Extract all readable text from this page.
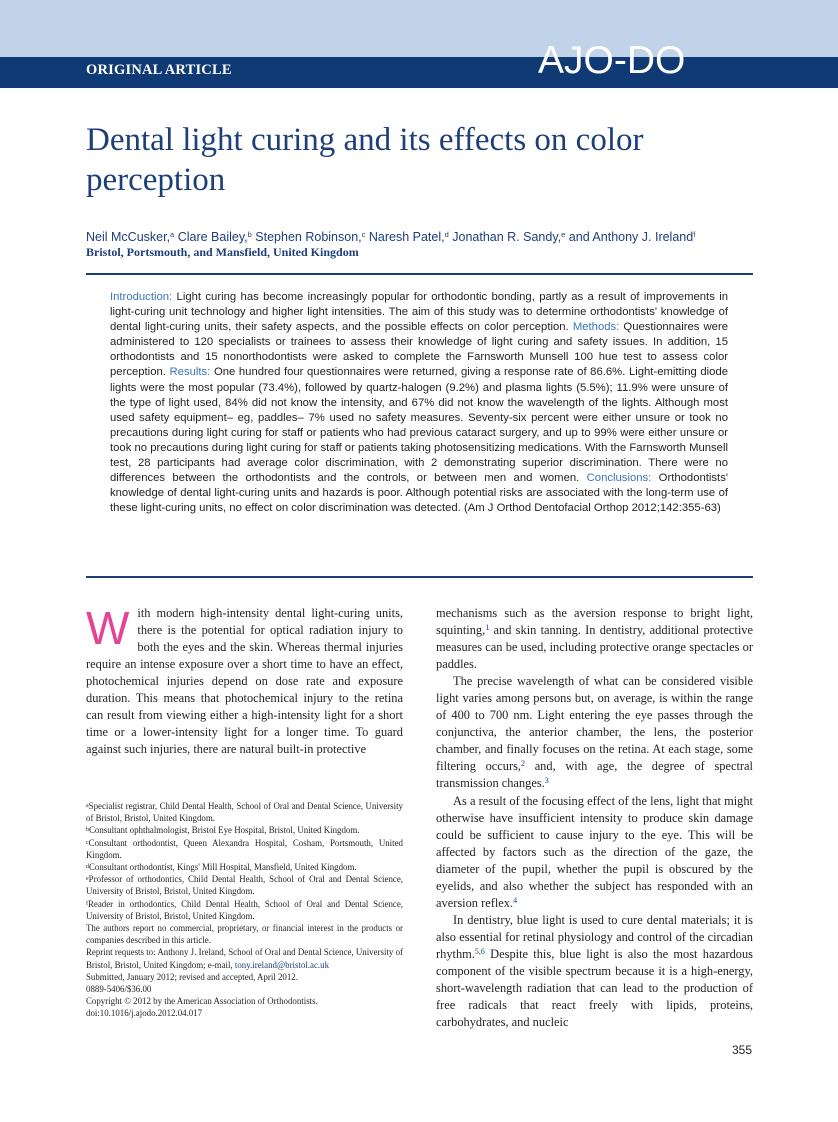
ORIGINAL ARTICLE	AJO-DO
Dental light curing and its effects on color perception
Neil McCusker,$^a$ Clare Bailey,$^b$ Stephen Robinson,$^c$ Naresh Patel,$^d$ Jonathan R. Sandy,$^e$ and Anthony J. Ireland$^f$
Bristol, Portsmouth, and Mansfield, United Kingdom

Introduction: Light curing has become increasingly popular for orthodontic bonding, partly as a result of improvements in light-curing unit technology and higher light intensities. The aim of this study was to determine orthodontists' knowledge of dental light-curing units, their safety aspects, and the possible effects on color perception. Methods: Questionnaires were administered to 120 specialists or trainees to assess their knowledge of light curing and safety issues. In addition, 15 orthodontists and 15 nonorthodontists were asked to complete the Farnsworth Munsell 100 hue test to assess color perception. Results: One hundred four questionnaires were returned, giving a response rate of 86.6%. Light-emitting diode lights were the most popular (73.4%), followed by quartz-halogen (9.2%) and plasma lights (5.5%); 11.9% were unsure of the type of light used, 84% did not know the intensity, and 67% did not know the wavelength of the lights. Although most used safety equipment– eg, paddles– 7% used no safety measures. Seventy-six percent were either unsure or took no precautions during light curing for staff or patients who had previous cataract surgery, and up to 99% were either unsure or took no precautions during light curing for staff or patients taking photosensitizing medications. With the Farnsworth Munsell test, 28 participants had average color discrimination, with 2 demonstrating superior discrimination. There were no differences between the orthodontists and the controls, or between men and women. Conclusions: Orthodontists' knowledge of dental light-curing units and hazards is poor. Although potential risks are associated with the long-term use of these light-curing units, no effect on color discrimination was detected. (Am J Orthod Dentofacial Orthop 2012;142:355-63)

With modern high-intensity dental light-curing units, there is the potential for optical radiation injury to both the eyes and the skin. Whereas thermal injuries require an intense exposure over a short time to have an effect, photochemical injuries depend on dose rate and exposure duration. This means that photochemical injury to the retina can result from viewing either a high-intensity light for a short time or a lower-intensity light for a longer time. To guard against such injuries, there are natural built-in protective

mechanisms such as the aversion response to bright light, squinting,$^1$ and skin tanning. In dentistry, additional protective measures can be used, including protective orange spectacles or paddles.

The precise wavelength of what can be considered visible light varies among persons but, on average, is within the range of 400 to 700 nm. Light entering the eye passes through the conjunctiva, the anterior chamber, the lens, the posterior chamber, and finally focuses on the retina. At each stage, some filtering occurs,$^2$ and, with age, the degree of spectral transmission changes.$^3$

As a result of the focusing effect of the lens, light that might otherwise have insufficient intensity to produce skin damage could be sufficient to cause injury to the eye. This will be affected by factors such as the direction of the gaze, the diameter of the pupil, whether the pupil is obscured by the eyelids, and also whether the subject has responded with an aversion reflex.$^4$

In dentistry, blue light is used to cure dental materials; it is also essential for retinal physiology and control of the circadian rhythm.$^{5,6}$ Despite this, blue light is also the most hazardous component of the visible spectrum because it is a high-energy, short-wavelength radiation that can lead to the production of free radicals that react freely with lipids, proteins, carbohydrates, and nucleic

$^a$Specialist registrar, Child Dental Health, School of Oral and Dental Science, University of Bristol, Bristol, United Kingdom.

$^b$Consultant ophthalmologist, Bristol Eye Hospital, Bristol, United Kingdom.

$^c$Consultant orthodontist, Queen Alexandra Hospital, Cosham, Portsmouth, United Kingdom.

$^d$Consultant orthodontist, Kings' Mill Hospital, Mansfield, United Kingdom.

$^e$Professor of orthodontics, Child Dental Health, School of Oral and Dental Science, University of Bristol, Bristol, United Kingdom.

$^f$Reader in orthodontics, Child Dental Health, School of Oral and Dental Science, University of Bristol, Bristol, United Kingdom.

The authors report no commercial, proprietary, or financial interest in the products or companies described in this article.

Reprint requests to: Anthony J. Ireland, School of Oral and Dental Science, University of Bristol, Bristol, United Kingdom; e-mail, tony.ireland@bristol.ac.uk

Submitted, January 2012; revised and accepted, April 2012.

0889-5406/$36.00

Copyright © 2012 by the American Association of Orthodontists.

doi:10.1016/j.ajodo.2012.04.017

355
